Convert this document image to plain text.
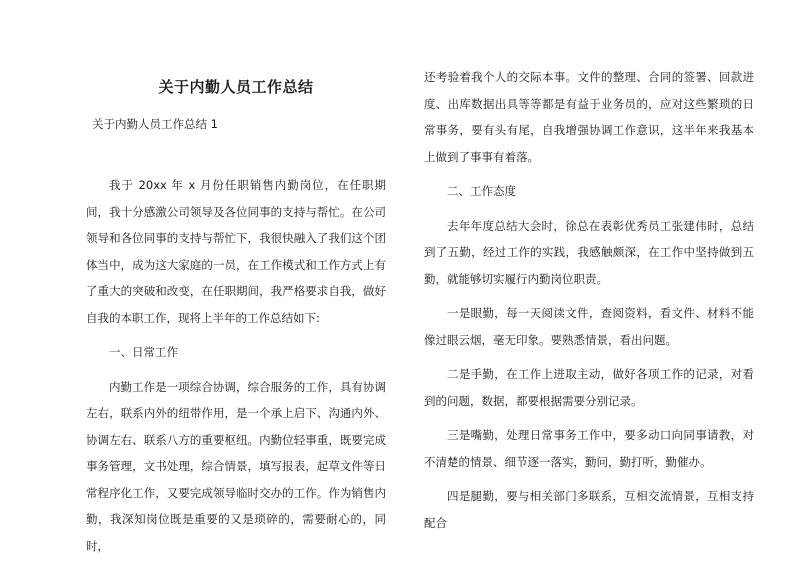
关于内勤人员工作总结
关于内勤人员工作总结 1

我于 20xx 年 x 月份任职销售内勤岗位，在任职期间，我十分感激公司领导及各位同事的支持与帮忙。在公司领导和各位同事的支持与帮忙下，我很快融入了我们这个团体当中，成为这大家庭的一员，在工作模式和工作方式上有了重大的突破和改变，在任职期间，我严格要求自我，做好自我的本职工作，现将上半年的工作总结如下:

一、日常工作

内勤工作是一项综合协调，综合服务的工作，具有协调左右，联系内外的纽带作用，是一个承上启下、沟通内外、协调左右、联系八方的重要枢纽。内勤位轻事重，既要完成事务管理，文书处理，综合情景，填写报表，起草文件等日常程序化工作，又要完成领导临时交办的工作。作为销售内勤，我深知岗位既是重要的又是琐碎的，需要耐心的，同时，

还考验着我个人的交际本事。文件的整理、合同的签署、回款进度、出库数据出具等等都是有益于业务员的，应对这些繁琐的日常事务，要有头有尾，自我增强协调工作意识，这半年来我基本上做到了事事有着落。

二、工作态度

去年年度总结大会时，徐总在表彰优秀员工张建伟时，总结到了五勤，经过工作的实践，我感触颇深，在工作中坚持做到五勤，就能够切实履行内勤岗位职责。

一是眼勤，每一天阅读文件，查阅资料，看文件、材料不能像过眼云烟，毫无印象。要熟悉情景，看出问题。

二是手勤，在工作上进取主动，做好各项工作的记录，对看到的问题，数据，都要根据需要分别记录。

三是嘴勤，处理日常事务工作中，要多动口向同事请教，对不清楚的情景、细节逐一落实，勤问，勤打听，勤催办。

四是腿勤，要与相关部门多联系，互相交流情景，互相支持配合
